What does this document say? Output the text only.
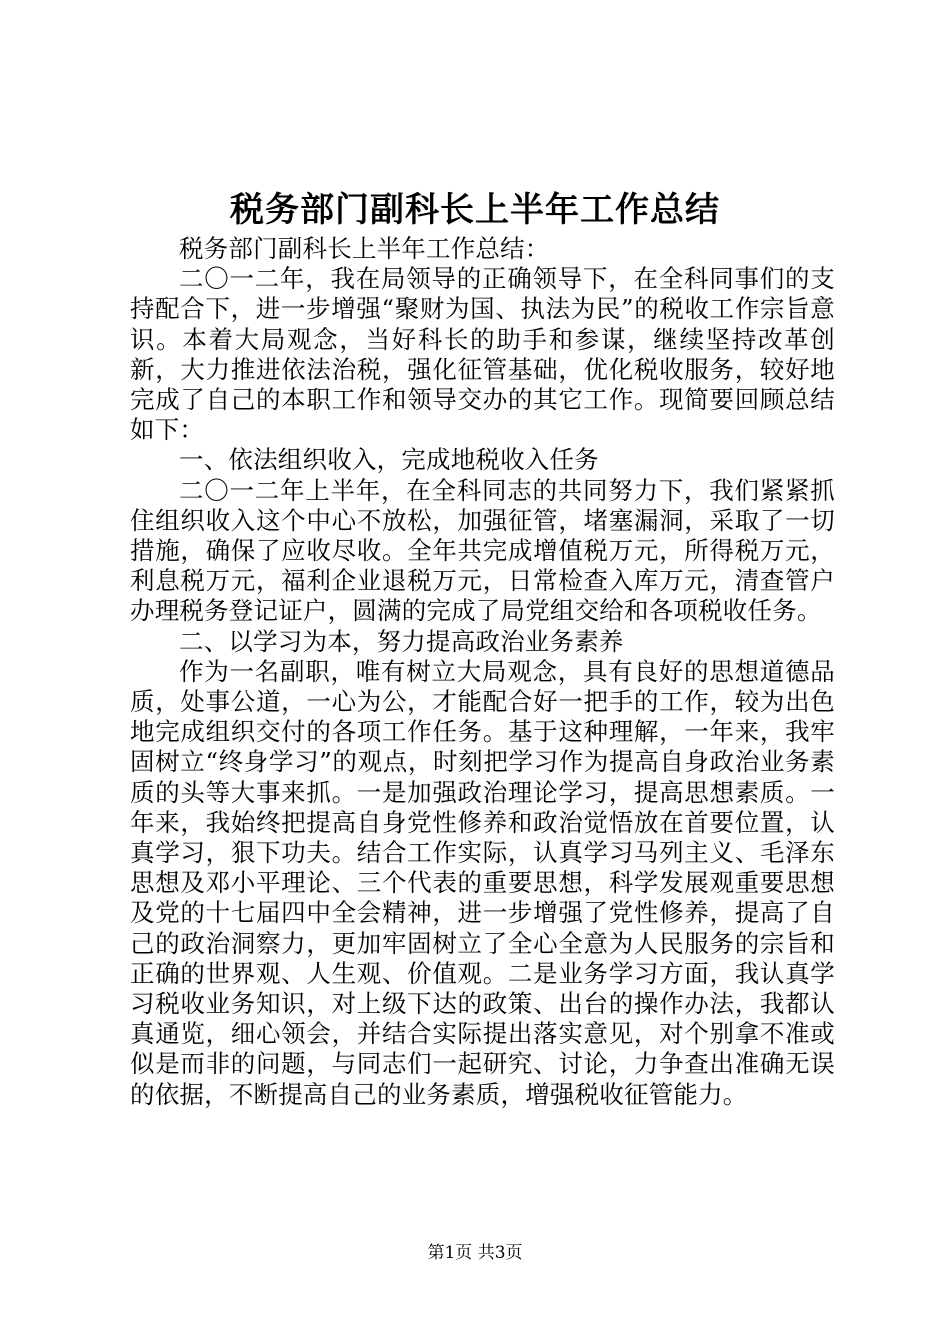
税务部门副科长上半年工作总结

税务部门副科长上半年工作总结：

二〇一二年，我在局领导的正确领导下，在全科同事们的支持配合下，进一步增强“聚财为国、执法为民”的税收工作宗旨意识。本着大局观念，当好科长的助手和参谋，继续坚持改革创新，大力推进依法治税，强化征管基础，优化税收服务，较好地完成了自己的本职工作和领导交办的其它工作。现简要回顾总结如下：

一、依法组织收入，完成地税收入任务

二〇一二年上半年，在全科同志的共同努力下，我们紧紧抓住组织收入这个中心不放松，加强征管，堵塞漏洞，采取了一切措施，确保了应收尽收。全年共完成增值税万元，所得税万元，利息税万元，福利企业退税万元，日常检查入库万元，清查管户办理税务登记证户，圆满的完成了局党组交给和各项税收任务。

二、以学习为本，努力提高政治业务素养

作为一名副职，唯有树立大局观念，具有良好的思想道德品质，处事公道，一心为公，才能配合好一把手的工作，较为出色地完成组织交付的各项工作任务。基于这种理解，一年来，我牢固树立“终身学习”的观点，时刻把学习作为提高自身政治业务素质的头等大事来抓。一是加强政治理论学习，提高思想素质。一年来，我始终把提高自身党性修养和政治觉悟放在首要位置，认真学习，狠下功夫。结合工作实际，认真学习马列主义、毛泽东思想及邓小平理论、三个代表的重要思想，科学发展观重要思想及党的十七届四中全会精神，进一步增强了党性修养，提高了自己的政治洞察力，更加牢固树立了全心全意为人民服务的宗旨和正确的世界观、人生观、价值观。二是业务学习方面，我认真学习税收业务知识，对上级下达的政策、出台的操作办法，我都认真通览，细心领会，并结合实际提出落实意见，对个别拿不准或似是而非的问题，与同志们一起研究、讨论，力争查出准确无误的依据，不断提高自己的业务素质，增强税收征管能力。

第1页 共3页
